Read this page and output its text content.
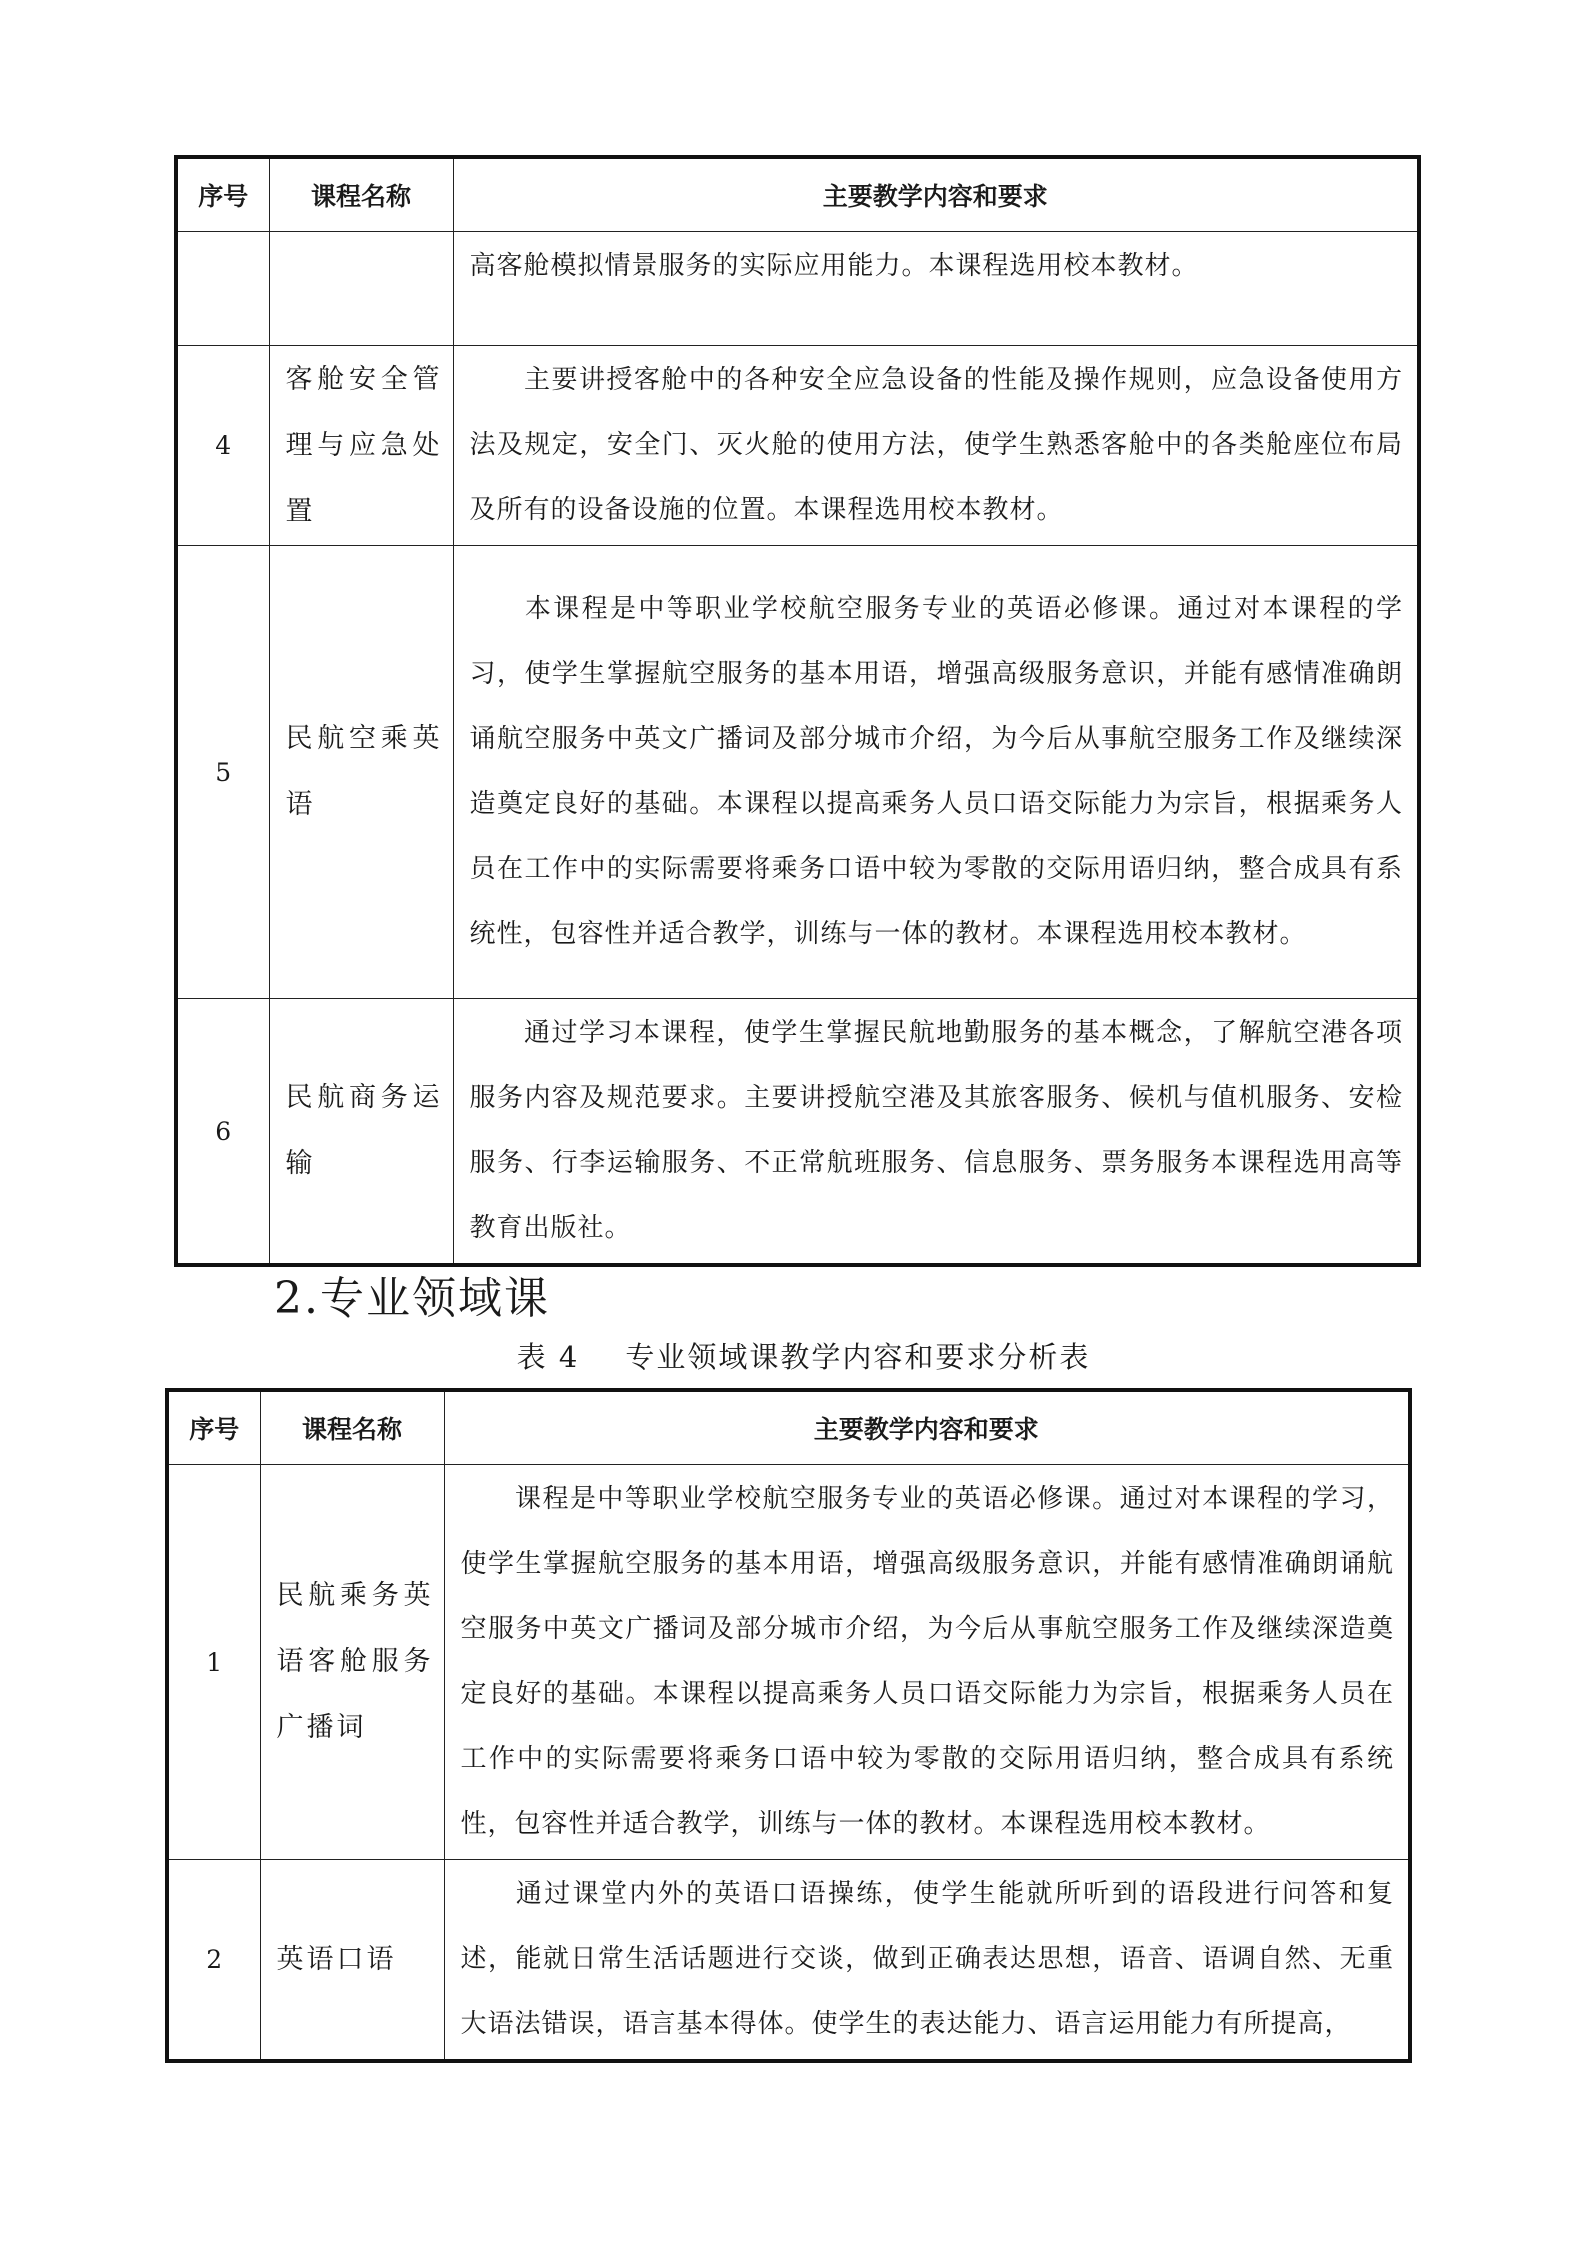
序号	课程名称	主要教学内容和要求
		高客舱模拟情景服务的实际应用能力。本课程选用校本教材。
4	客舱安全管理与应急处置	主要讲授客舱中的各种安全应急设备的性能及操作规则，应急设备使用方法及规定，安全门、灭火舱的使用方法，使学生熟悉客舱中的各类舱座位布局及所有的设备设施的位置。本课程选用校本教材。
5	民航空乘英语	本课程是中等职业学校航空服务专业的英语必修课。通过对本课程的学习，使学生掌握航空服务的基本用语，增强高级服务意识，并能有感情准确朗诵航空服务中英文广播词及部分城市介绍，为今后从事航空服务工作及继续深造奠定良好的基础。本课程以提高乘务人员口语交际能力为宗旨，根据乘务人员在工作中的实际需要将乘务口语中较为零散的交际用语归纳，整合成具有系统性，包容性并适合教学，训练与一体的教材。本课程选用校本教材。
6	民航商务运输	通过学习本课程，使学生掌握民航地勤服务的基本概念，了解航空港各项服务内容及规范要求。主要讲授航空港及其旅客服务、候机与值机服务、安检服务、行李运输服务、不正常航班服务、信息服务、票务服务本课程选用高等教育出版社。
2.专业领域课
表 4 专业领域课教学内容和要求分析表
序号	课程名称	主要教学内容和要求
1	民航乘务英语客舱服务广播词	课程是中等职业学校航空服务专业的英语必修课。通过对本课程的学习，使学生掌握航空服务的基本用语，增强高级服务意识，并能有感情准确朗诵航空服务中英文广播词及部分城市介绍，为今后从事航空服务工作及继续深造奠定良好的基础。本课程以提高乘务人员口语交际能力为宗旨，根据乘务人员在工作中的实际需要将乘务口语中较为零散的交际用语归纳，整合成具有系统性，包容性并适合教学，训练与一体的教材。本课程选用校本教材。
2	英语口语	通过课堂内外的英语口语操练，使学生能就所听到的语段进行问答和复述，能就日常生活话题进行交谈，做到正确表达思想，语音、语调自然、无重大语法错误，语言基本得体。使学生的表达能力、语言运用能力有所提高，
